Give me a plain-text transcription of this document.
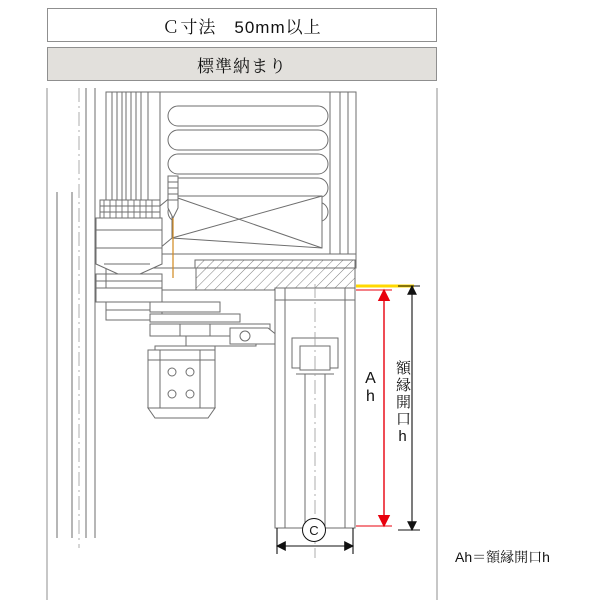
Ｃ寸法　50mm以上
標準納まり
Ah 額縁開口h
C
Ah＝額縁開口h
